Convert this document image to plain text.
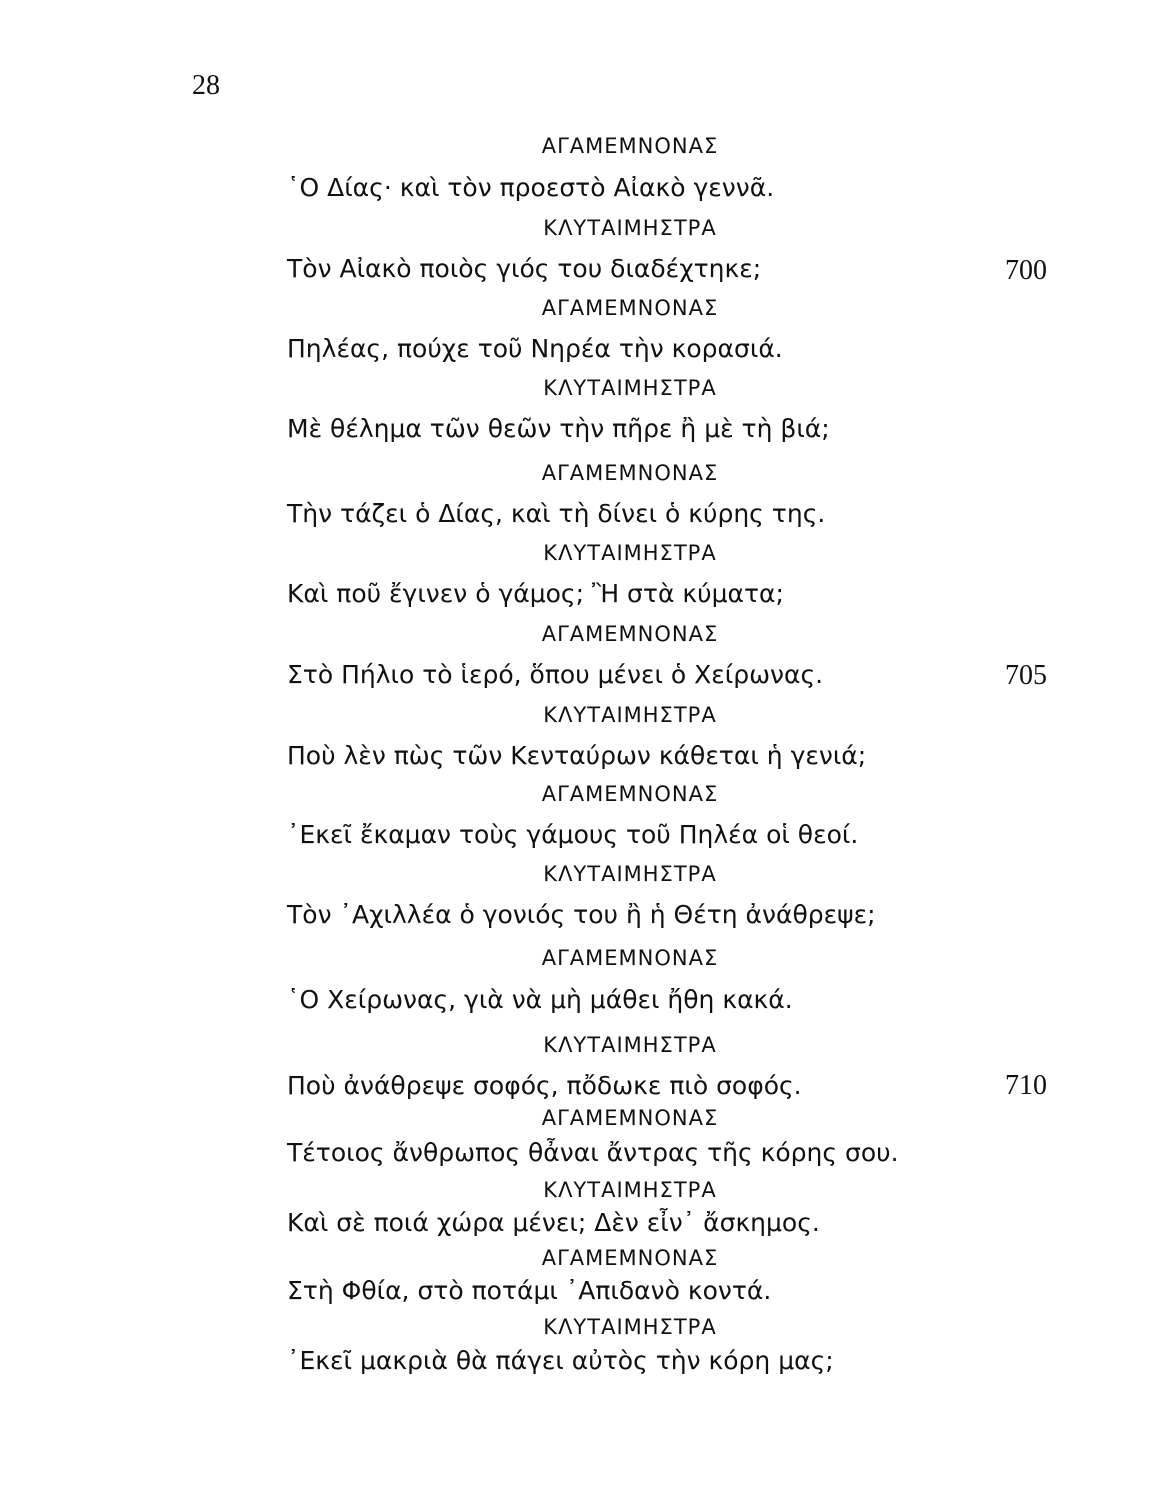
28
ΑΓΑΜΕΜΝΟΝΑΣ
῾Ο Δίας· καὶ τὸν προεστὸ Αἰακὸ γεννᾶ.
ΚΛΥΤΑΙΜΗΣΤΡΑ
Τὸν Αἰακὸ ποιὸς γιός του διαδέχτηκε;	700
ΑΓΑΜΕΜΝΟΝΑΣ
Πηλέας, πούχε τοῦ Νηρέα τὴν κορασιά.
ΚΛΥΤΑΙΜΗΣΤΡΑ
Μὲ θέλημα τῶν θεῶν τὴν πῆρε ἢ μὲ τὴ βιά;
ΑΓΑΜΕΜΝΟΝΑΣ
Τὴν τάζει ὁ Δίας, καὶ τὴ δίνει ὁ κύρης της.
ΚΛΥΤΑΙΜΗΣΤΡΑ
Καὶ ποῦ ἔγινεν ὁ γάμος; Ἢ στὰ κύματα;
ΑΓΑΜΕΜΝΟΝΑΣ
Στὸ Πήλιο τὸ ἱερό, ὅπου μένει ὁ Χείρωνας.	705
ΚΛΥΤΑΙΜΗΣΤΡΑ
Ποὺ λὲν πὼς τῶν Κενταύρων κάθεται ἡ γενιά;
ΑΓΑΜΕΜΝΟΝΑΣ
᾿Εκεῖ ἔκαμαν τοὺς γάμους τοῦ Πηλέα οἱ θεοί.
ΚΛΥΤΑΙΜΗΣΤΡΑ
Τὸν ᾿Αχιλλέα ὁ γονιός του ἢ ἡ Θέτη ἀνάθρεψε;
ΑΓΑΜΕΜΝΟΝΑΣ
῾Ο Χείρωνας, γιὰ νὰ μὴ μάθει ἤθη κακά.
ΚΛΥΤΑΙΜΗΣΤΡΑ
Ποὺ ἀνάθρεψε σοφός, πὄδωκε πιὸ σοφός.	710
ΑΓΑΜΕΜΝΟΝΑΣ
Τέτοιος ἄνθρωπος θἆναι ἄντρας τῆς κόρης σου.
ΚΛΥΤΑΙΜΗΣΤΡΑ
Καὶ σὲ ποιά χώρα μένει; Δὲν εἶν᾿ ἄσκημος.
ΑΓΑΜΕΜΝΟΝΑΣ
Στὴ Φθία, στὸ ποτάμι ᾿Απιδανὸ κοντά.
ΚΛΥΤΑΙΜΗΣΤΡΑ
᾿Εκεῖ μακριὰ θὰ πάγει αὐτὸς τὴν κόρη μας;
